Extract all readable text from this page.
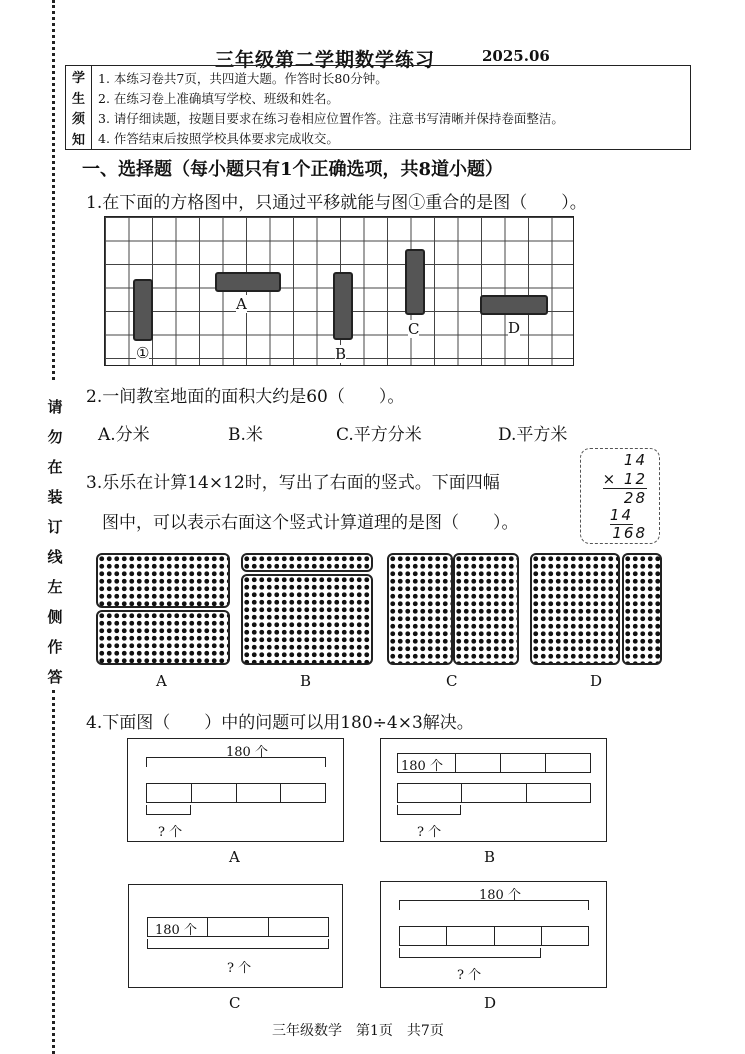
请
勿
在
装
订
线
左
侧
作
答
三年级第二学期数学练习	2025.06
学
生
须
知
1. 本练习卷共7页，共四道大题。作答时长80分钟。
2. 在练习卷上准确填写学校、班级和姓名。
3. 请仔细读题，按题目要求在练习卷相应位置作答。注意书写清晰并保持卷面整洁。
4. 作答结束后按照学校具体要求完成收交。
一、选择题（每小题只有1个正确选项，共8道小题）
1.在下面的方格图中，只通过平移就能与图①重合的是图（　　）。
①
A
B
C	D
2.一间教室地面的面积大约是60（　　）。
A.分米	B.米	C.平方分米	D.平方米
3.乐乐在计算14×12时，写出了右面的竖式。下面四幅
图中，可以表示右面这个竖式计算道理的是图（　　）。
14
× 12
28
14
168
A	B	C	D
4.下面图（　　）中的问题可以用180÷4×3解决。
180 个
? 个
A
180 个
? 个
B
180 个
? 个
C
180 个
? 个
D
三年级数学　第1页　共7页
